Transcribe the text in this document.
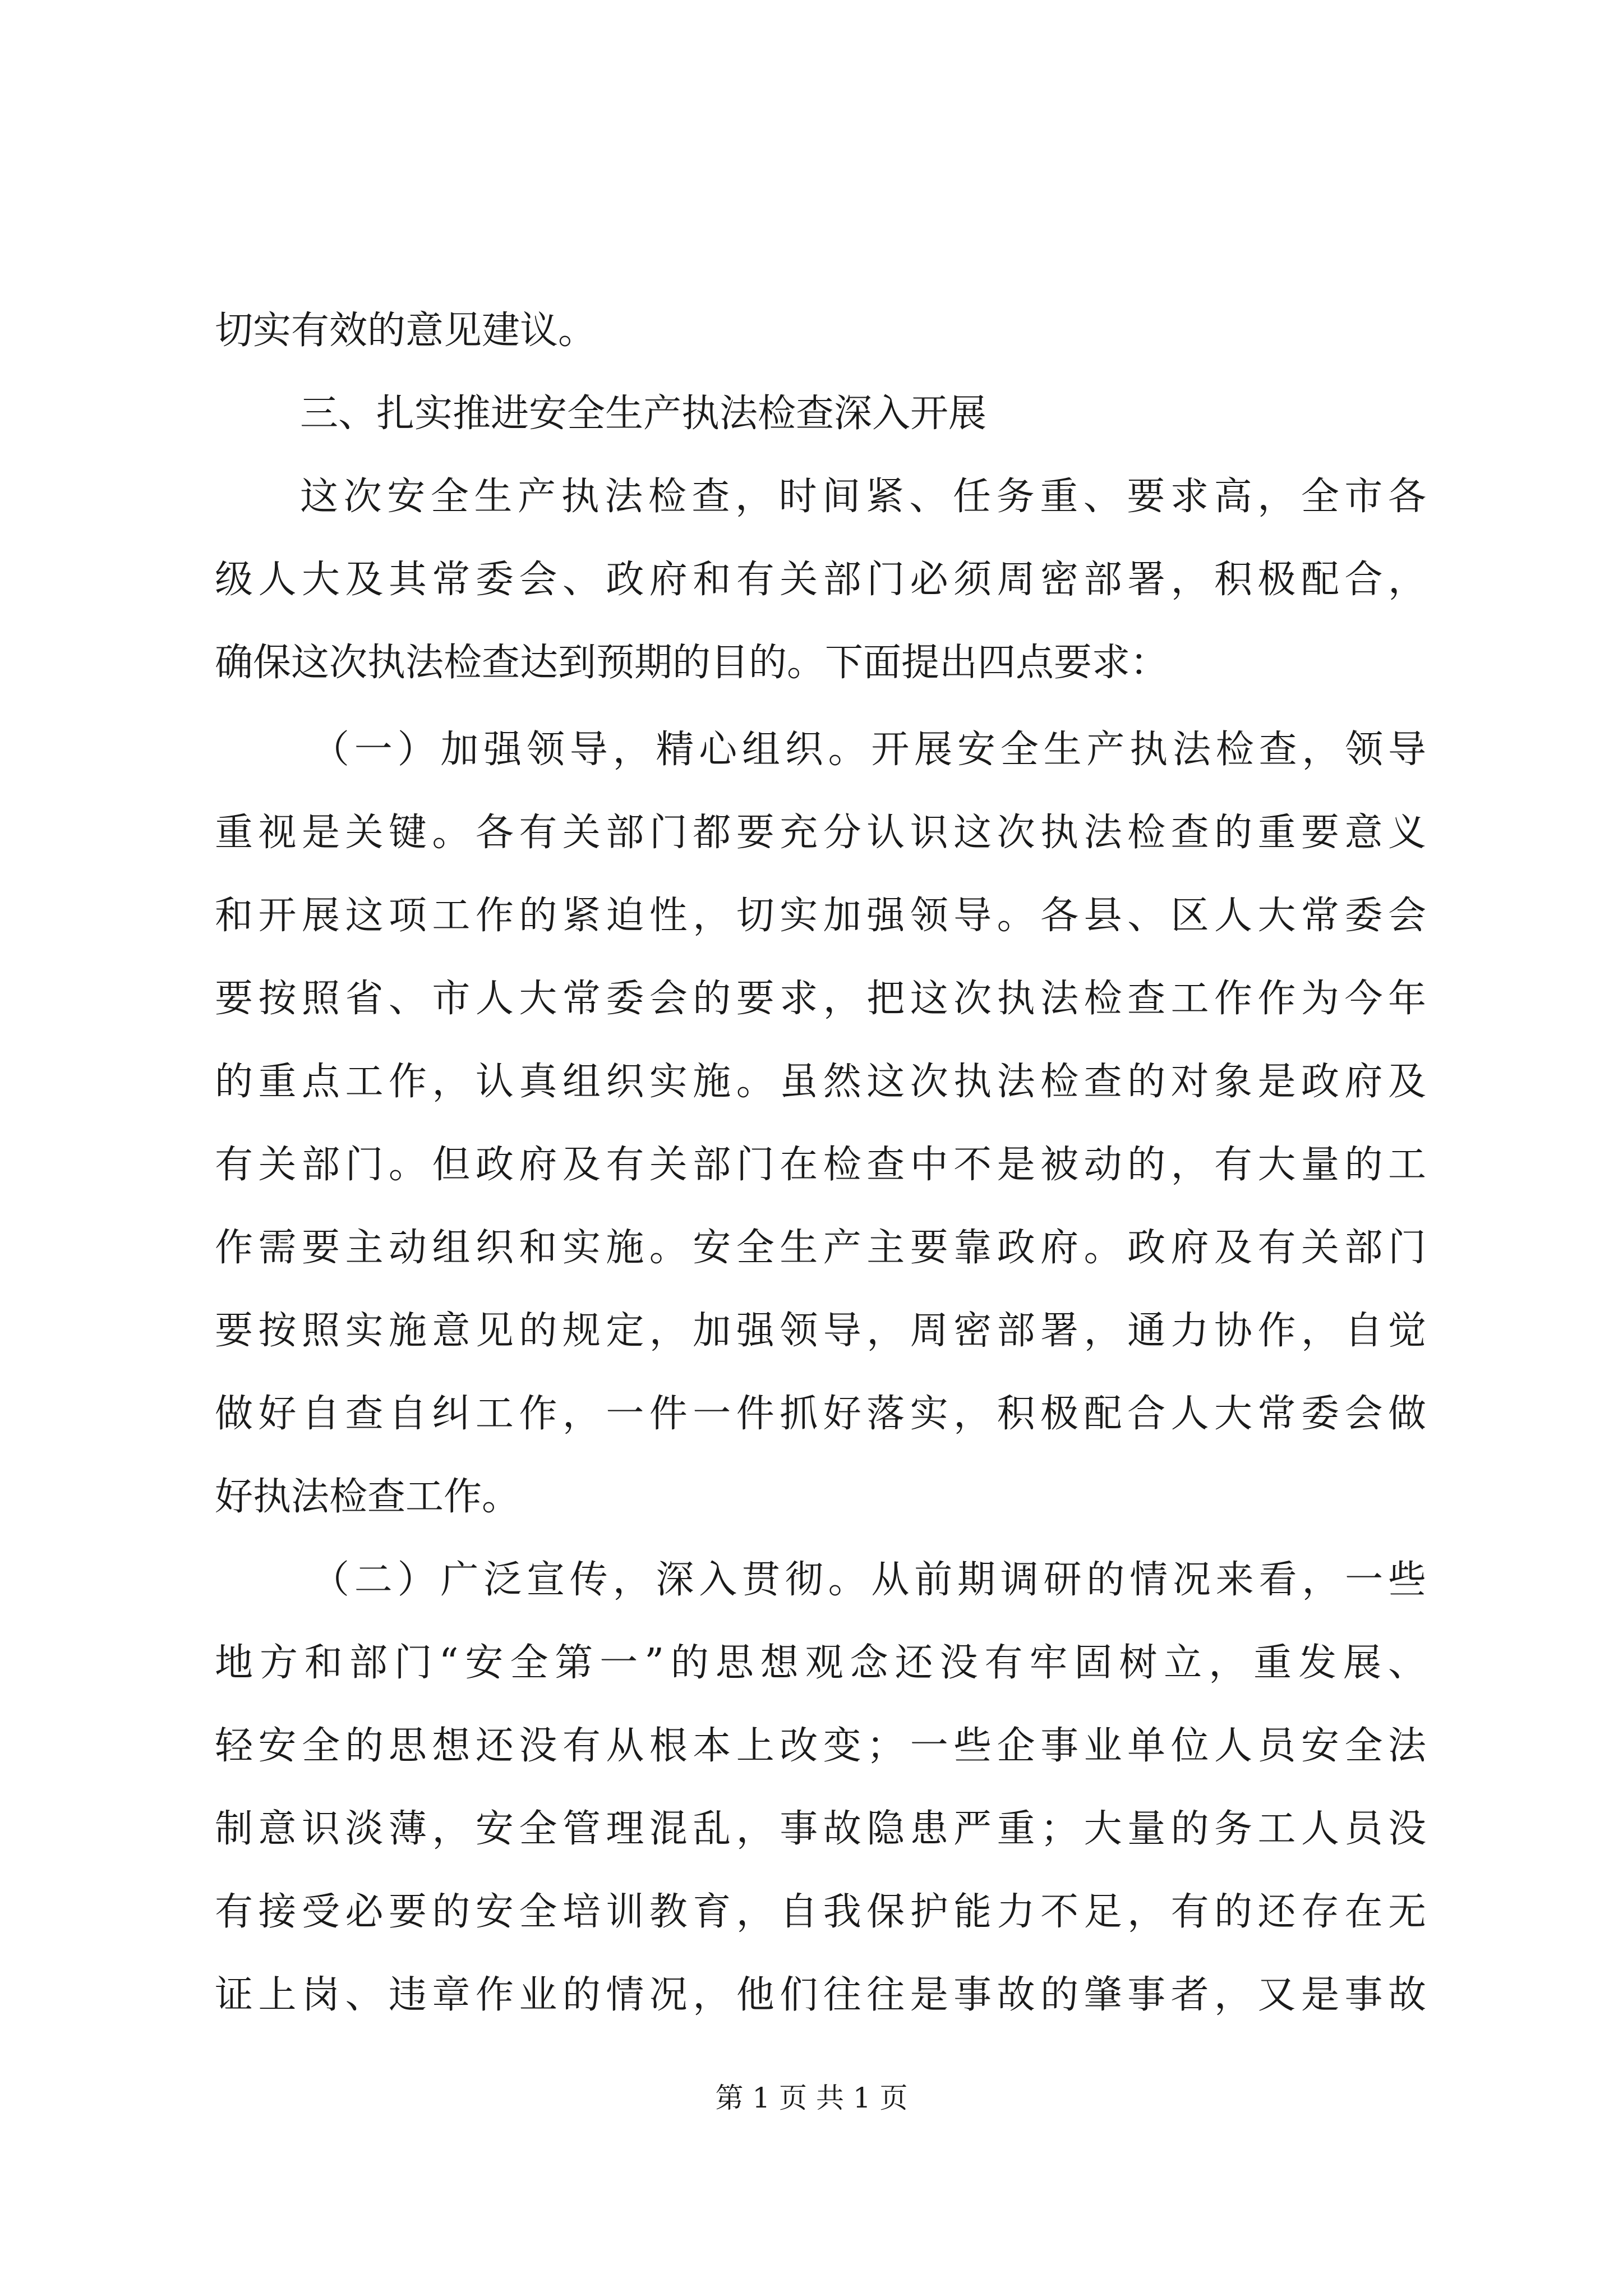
切实有效的意见建议。
三、扎实推进安全生产执法检查深入开展
这次安全生产执法检查，时间紧、任务重、要求高，全市各
级人大及其常委会、政府和有关部门必须周密部署，积极配合，
确保这次执法检查达到预期的目的。下面提出四点要求：
（一）加强领导，精心组织。开展安全生产执法检查，领导
重视是关键。各有关部门都要充分认识这次执法检查的重要意义
和开展这项工作的紧迫性，切实加强领导。各县、区人大常委会
要按照省、市人大常委会的要求，把这次执法检查工作作为今年
的重点工作，认真组织实施。虽然这次执法检查的对象是政府及
有关部门。但政府及有关部门在检查中不是被动的，有大量的工
作需要主动组织和实施。安全生产主要靠政府。政府及有关部门
要按照实施意见的规定，加强领导，周密部署，通力协作，自觉
做好自查自纠工作，一件一件抓好落实，积极配合人大常委会做
好执法检查工作。
（二）广泛宣传，深入贯彻。从前期调研的情况来看，一些
地方和部门“安全第一”的思想观念还没有牢固树立，重发展、
轻安全的思想还没有从根本上改变；一些企事业单位人员安全法
制意识淡薄，安全管理混乱，事故隐患严重；大量的务工人员没
有接受必要的安全培训教育，自我保护能力不足，有的还存在无
证上岗、违章作业的情况，他们往往是事故的肇事者，又是事故
第 1 页 共 1 页
